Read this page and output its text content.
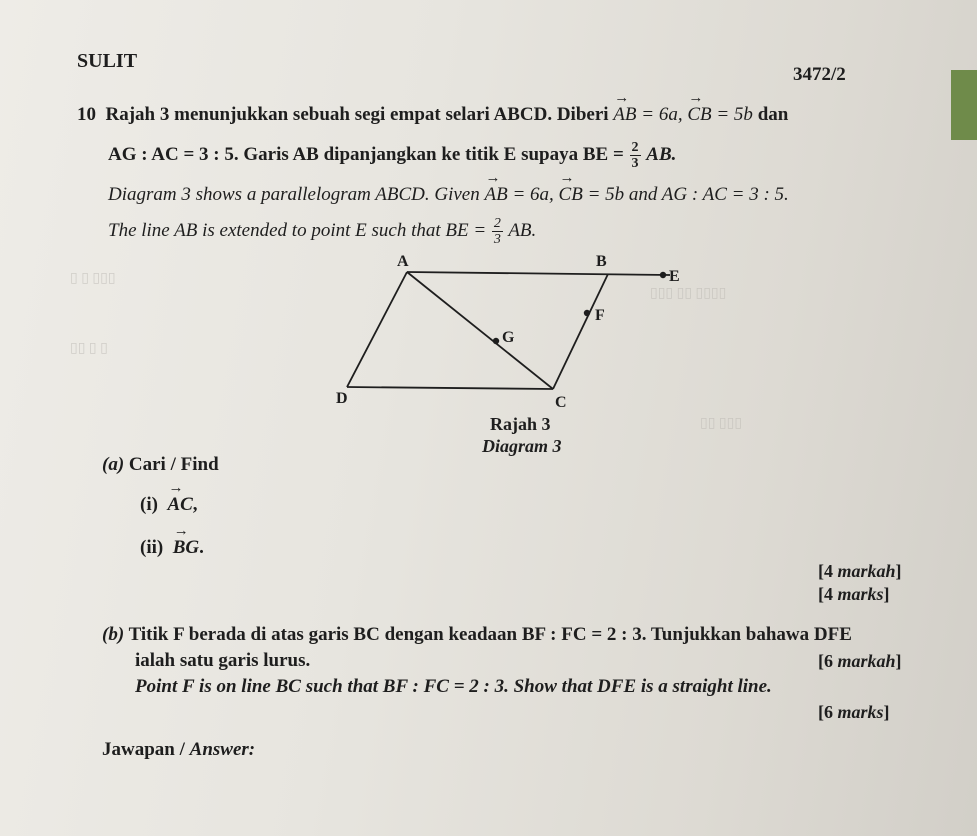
▯ ▯ ▯▯▯
▯▯ ▯ ▯
▯▯▯ ▯▯ ▯▯▯▯
▯▯ ▯▯▯
SULIT
3472/2
10 Rajah 3 menunjukkan sebuah segi empat selari ABCD. Diberi → AB = 6a, → CB = 5b dan
AG : AC = 3 : 5. Garis AB dipanjangkan ke titik E supaya BE = $\frac{2}{3}$ AB.
Diagram 3 shows a parallelogram ABCD. Given → AB = 6a, → CB = 5b and AG : AC = 3 : 5.
The line AB is extended to point E such that BE = $\frac{2}{3}$ AB.
A	B
E
F
G
D	C
Rajah 3
Diagram 3
(a) Cari / Find
(i) → AC,
(ii) → BG.
[4 markah]
[4 marks]
(b) Titik F berada di atas garis BC dengan keadaan BF : FC = 2 : 3. Tunjukkan bahawa DFE
ialah satu garis lurus.	[6 markah]
Point F is on line BC such that BF : FC = 2 : 3. Show that DFE is a straight line.
[6 marks]
Jawapan / Answer:
